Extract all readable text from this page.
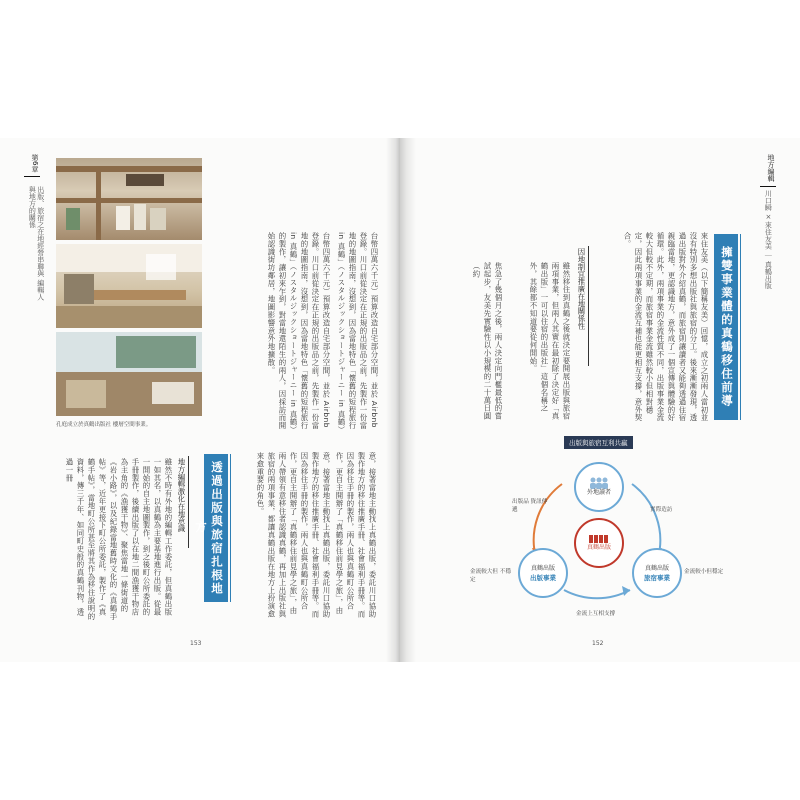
第6章
出版、旅宿之在地經營串聯與 編輯人與地方的關係
孔庭成立於真鶴出版社 樓層空間事業。
台幣四萬六千元）預算改造自宅部分空間，並於 Airbnb 登錄。川口前從決定在正規的出版品之前，先製作一份當地的地圖指南，沒想到，因為當地特色「懷舊的短程旅行 in 真鶴」（ノスタルジックショートジャーニー in 真鶴）
台幣四萬六千元）預算改造自宅部分空間，並於 Airbnb 登錄。川口前從決定在正規的出版品之前，先製作一份當地的地圖指南，沒想到，因為當地特色「懷舊的短程旅行 in 真鶴」（ノスタルジックショートジャーニー in 真鶴）的製作，讓初來乍到，對當地還陌生的兩人，因採訪而開始認識街坊鄰居，地圖影響意外地擴散。
意，接著當地主動找上真鶴出版，委託川口協助製作地方的移住推廣手冊、社會福利手冊等。而因為移住手冊的製作，兩人也與真鶴町公所合作，更自主開辦了「真鶴移住前見學之旅」，由
意，接著當地主動找上真鶴出版，委託川口協助製作地方的移住推廣手冊、社會福利手冊等。而因為移住手冊的製作，兩人也與真鶴町公所合作，更自主開辦了「真鶴移住前見學之旅」，由兩人帶領有意移住者認識真鶴，再加上出版社與旅宿的兩項事業，都讓真鶴出版在地方上扮演愈來愈重要的角色。
透過出版與旅宿扎根地方
地方編輯激化在地意識
雖然不時有外地的編輯工作委託，但真鶴出版一如其名，以真鶴為主要基地進行出版。從最一開始的自主地圖製作，到之後町公所委託的手冊製作，後續出版了以在地二間漁獲干物店為主角的《漁獲干物》、聚焦當地一條街道的《岩小路》，以及紀錄當地舊時文化的《真鶴手帖》等，近年更接下町公所委託，製作了《真鶴手帖》，當地町公所甚至將其作為移住說明的資料，傳三千年、如同町史般的真鶴刊物，透過一冊
153
地方編輯
川口瞬 ×來住友美 ｜ 真鶴出版
擁雙事業體的真鶴移住前導
來住友美（以下簡稱友美）回憶，成立之初兩人當初並沒有特別多想出版社與旅宿的分工。後來漸漸發現，透過出版對外介紹真鶴，而旅宿則讓讀者又能夠透過住宿親臨當地，更認識地方，意外成了一個宣傳與體驗的好循環。此外，兩項事業的金流性質不同，出版事業金流較大但較不定期，而旅宿事業金流雖然較小但相對穩定，因此兩項事業的金流互補也能更相互支撐，意外契合。
因地制宜推廣在地關係性
雖然移住到真鶴之後就決定要開展出版與旅宿兩項事業，但兩人其實在最初除了決定好「真鶴出版」一可以住宿的出版社」這個名稱之外，其餘都不知道要從何開始。
焦急了幾個月之後，兩人決定向門檻最低的嘗試起步，友美先實驗性以小規模的二十萬日圓（約
出版與旅宿互利共贏
外地讀者
真鶴出版
真鶴出版
出版事業
真鶴出版
旅宿事業
出版品 資訊傳遞	實際造訪
金流較大但 不穩定
金流較小但穩定
金流上互相支撐
152
